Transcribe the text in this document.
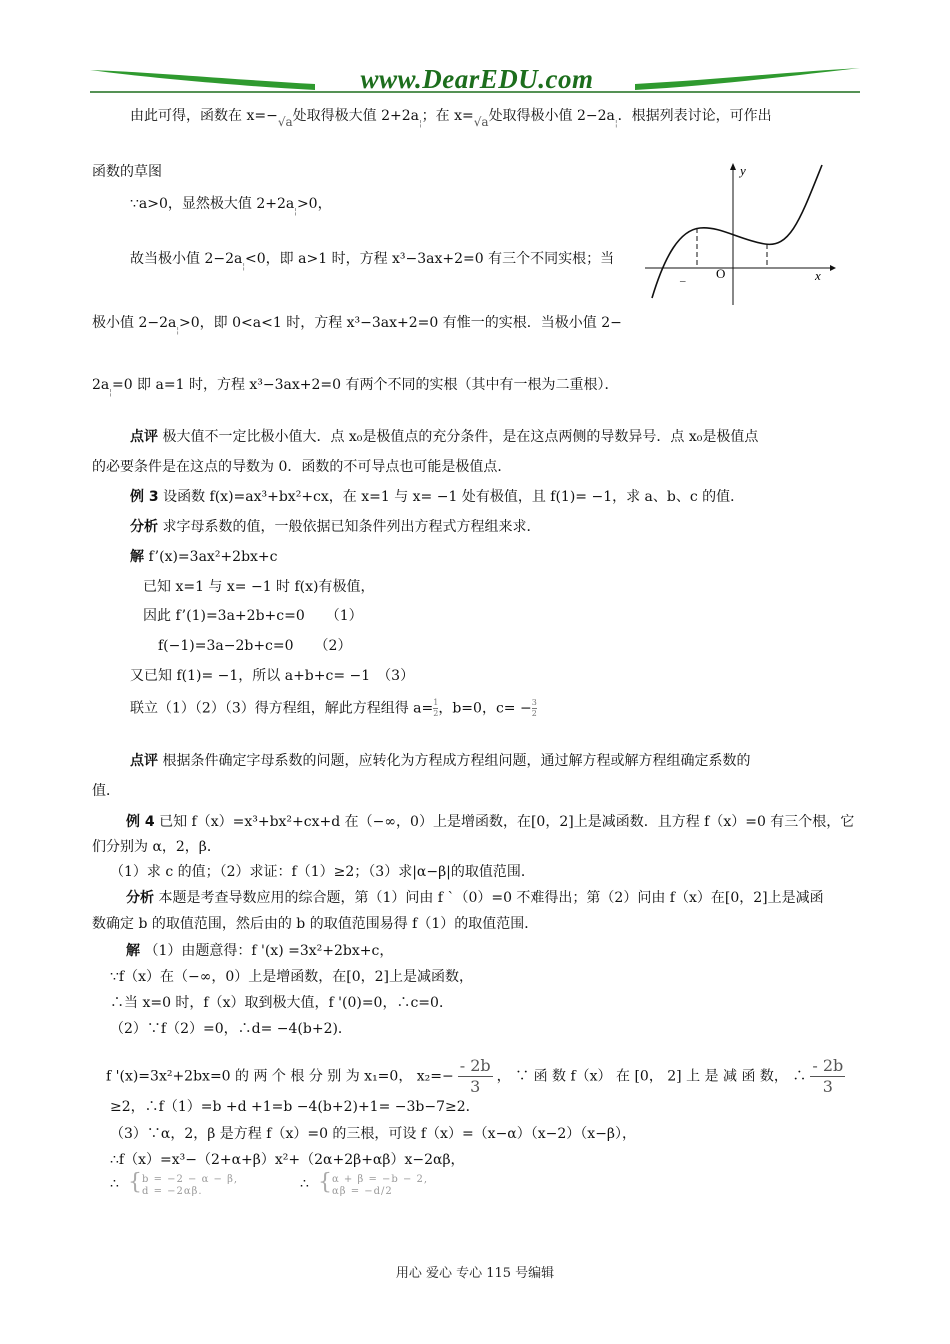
www.DearEDU.com
由此可得，函数在 x=−√a处取得极大值 $2+2a_¦$；在 x=√a处取得极小值 $2-2a_¦$．根据列表讨论，可作出
函数的草图
∵a>0，显然极大值 $2+2a_¦>0$，
故当极小值 $2-2a_¦<0$，即 a>1 时，方程 x³−3ax+2=0 有三个不同实根；当
极小值 $2-2a_¦>0$，即 0<a<1 时，方程 x³−3ax+2=0 有惟一的实根．当极小值 2−
$2a_¦=0$ 即 a=1 时，方程 x³−3ax+2=0 有两个不同的实根（其中有一根为二重根）．
y
x
O
–
点评 极大值不一定比极小值大．点 x₀是极值点的充分条件，是在这点两侧的导数异号．点 x₀是极值点
的必要条件是在这点的导数为 0．函数的不可导点也可能是极值点．
例 3 设函数 f(x)=ax³+bx²+cx，在 x=1 与 x= −1 处有极值，且 f(1)= −1，求 a、b、c 的值．
分析 求字母系数的值，一般依据已知条件列出方程式方程组来求．
解 f’(x)=3ax²+2bx+c
已知 x=1 与 x= −1 时 f(x)有极值，
因此 f’(1)=3a+2b+c=0　　（1）
f(−1)=3a−2b+c=0　　（2）
又已知 f(1)= −1，所以 a+b+c= −1　（3）
联立（1）（2）（3）得方程组，解此方程组得 $a= \frac{1}{2}$，b=0，$c= - \frac{3}{2}$
点评 根据条件确定字母系数的问题，应转化为方程成方程组问题，通过解方程或解方程组确定系数的
值．
例 4 已知 f（x）=x³+bx²+cx+d 在（−∞，0）上是增函数，在[0，2]上是减函数．且方程 f（x）=0 有三个根，它
们分别为 α，2，β．
（1）求 c 的值；（2）求证：f（1）≥2；（3）求|α−β|的取值范围．
分析 本题是考查导数应用的综合题，第（1）问由 f `（0）=0 不难得出；第（2）问由 f（x）在[0，2]上是减函
数确定 b 的取值范围，然后由的 b 的取值范围易得 f（1）的取值范围．
解 （1）由题意得：f '(x) =3x²+2bx+c，
∵f（x）在（−∞，0）上是增函数，在[0，2]上是减函数，
∴当 x=0 时，f（x）取到极大值，f '(0)=0，∴c=0．
（2）∵f（2）=0，∴d= −4(b+2)．
f '(x)=3x²+2bx=0 的 两 个 根 分 别 为 x₁=0， $x_2=- \frac{- 2b}{3}$ ， ∵ 函 数 f（x） 在 [0， 2] 上 是 减 函 数， ∴ $\frac{- 2b}{3}$
≥2，∴f（1）=b +d +1=b −4(b+2)+1= −3b−7≥2．
（3）∵α，2，β 是方程 f（x）=0 的三根，可设 f（x）=（x−α）（x−2）（x−β），
∴f（x）=x³−（2+α+β）x²+（2α+2β+αβ）x−2αβ，
∴ { b = −2 − α − β,
d = −2αβ.	∴ { α + β = −b − 2,
αβ = −d/2
用心 爱心 专心 115 号编辑
